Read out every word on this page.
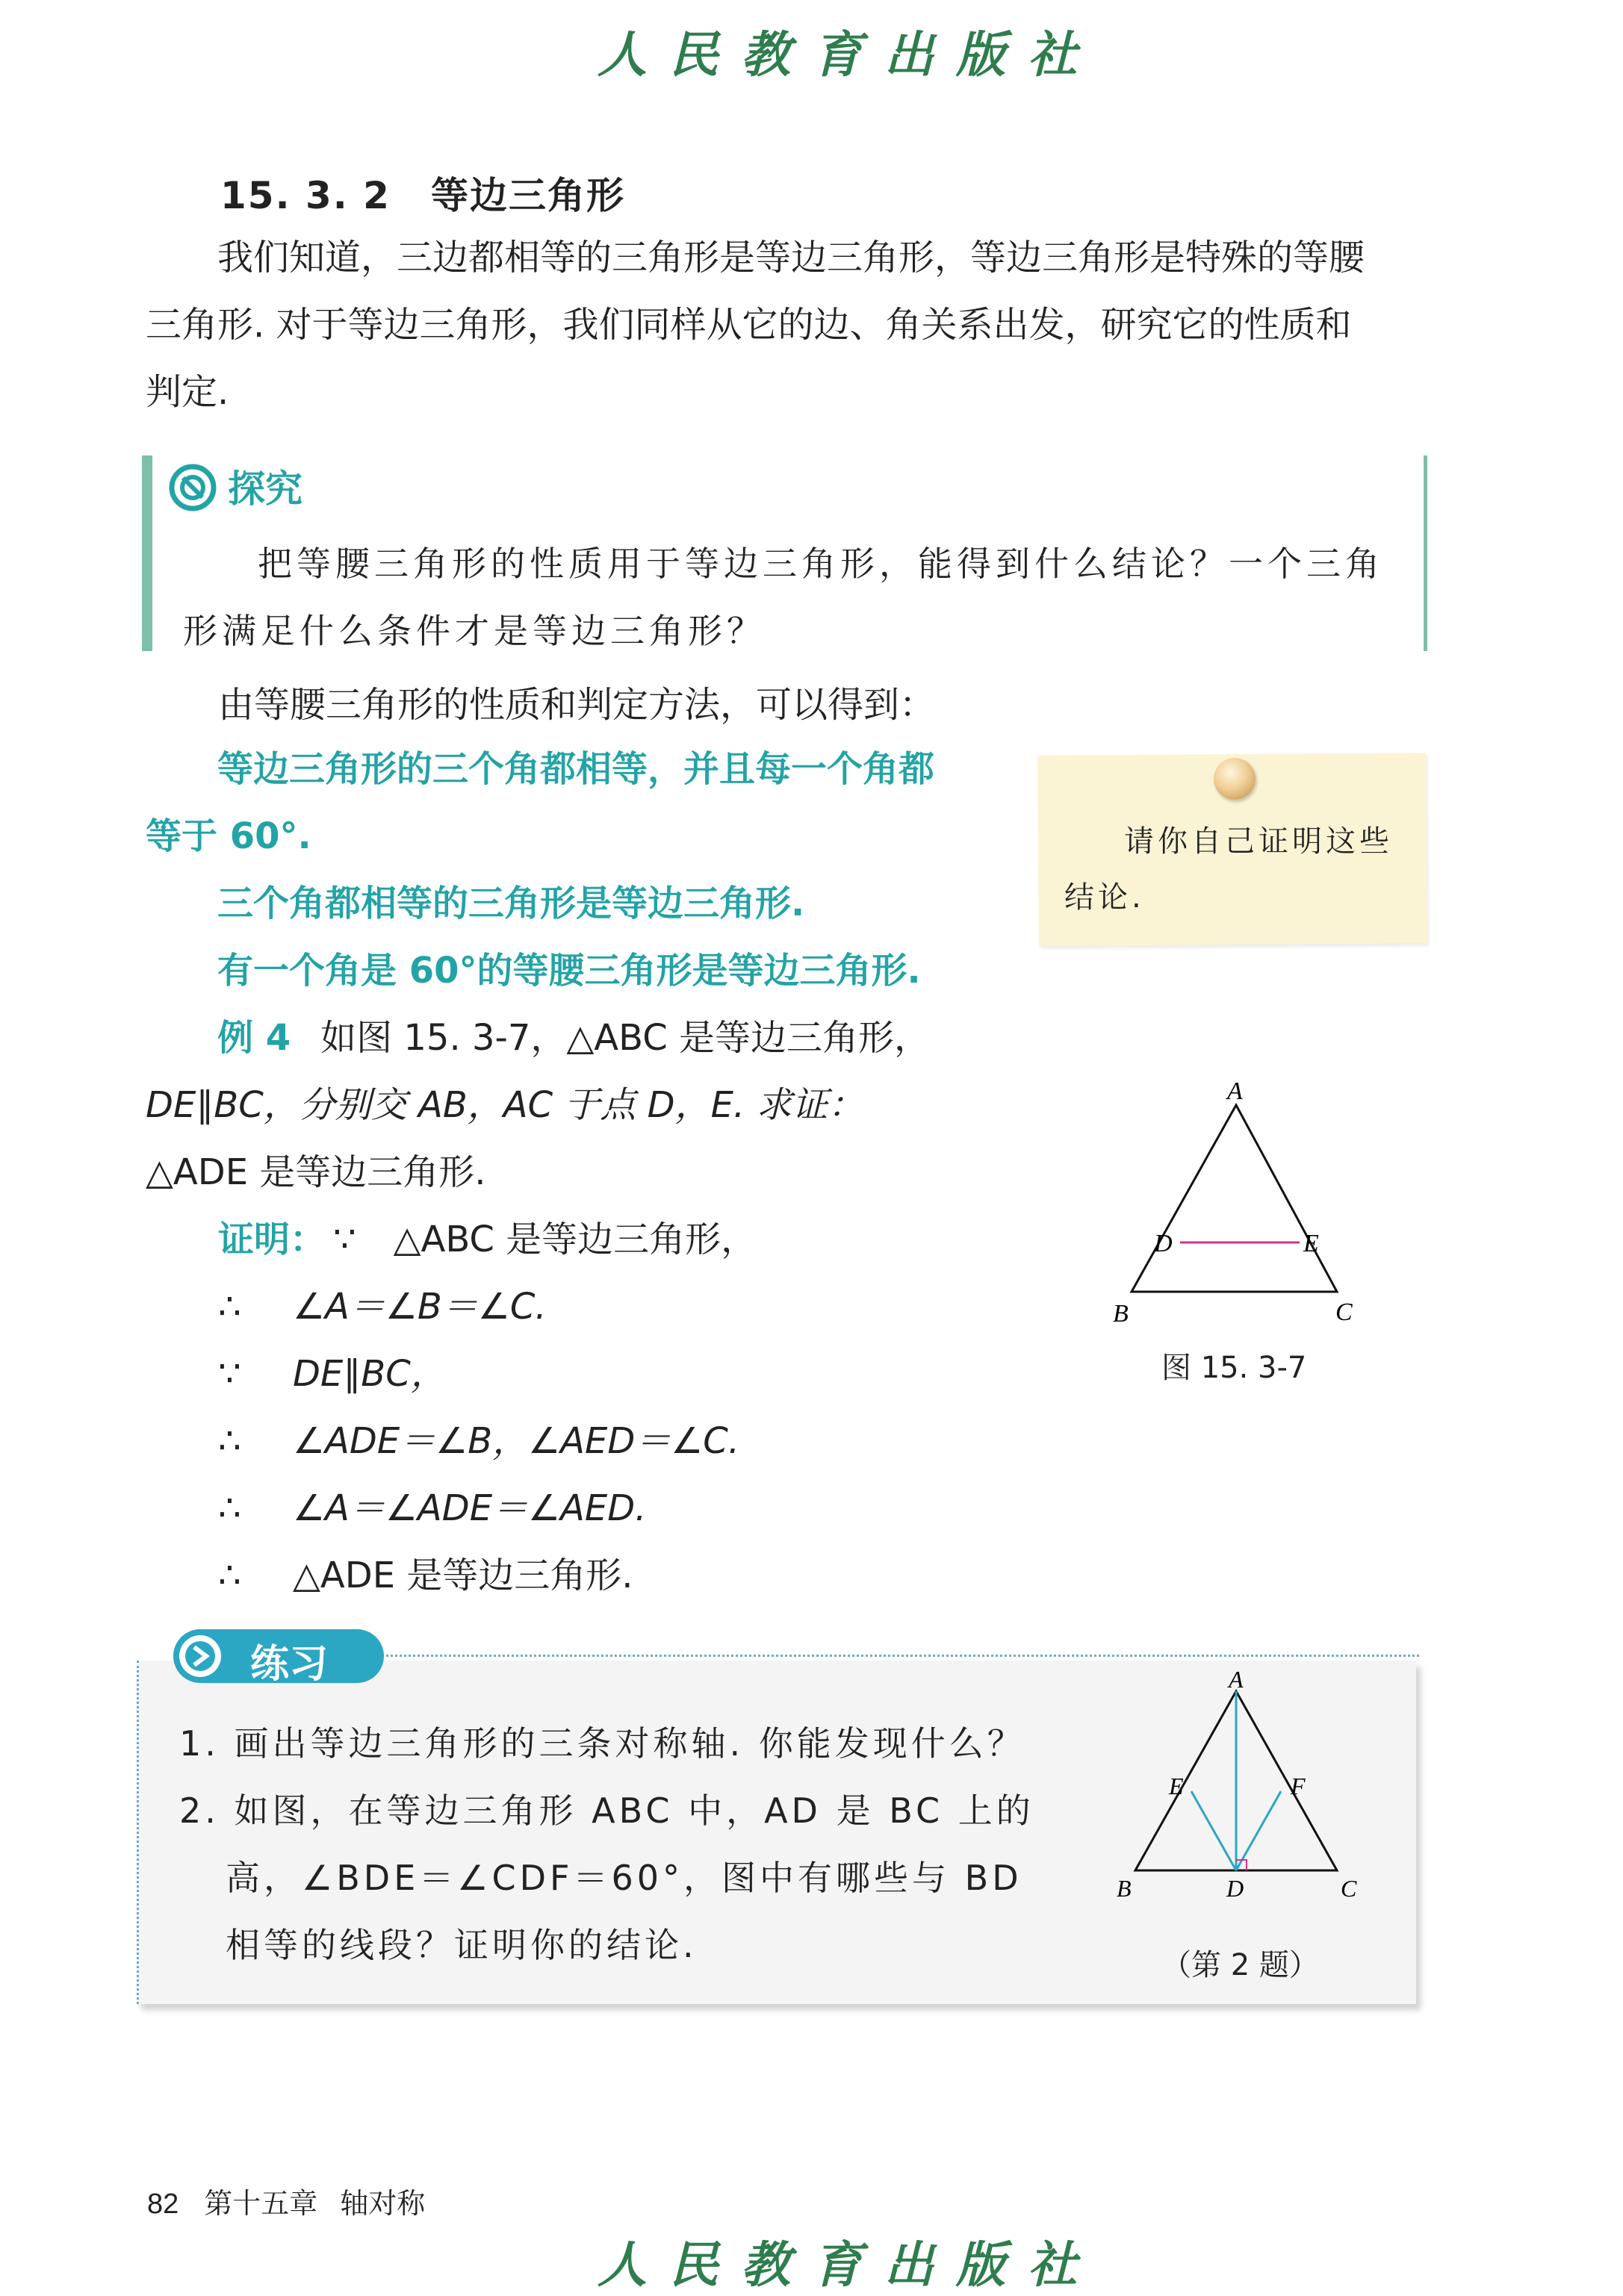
人民教育出版社
15. 3. 2 等边三角形

我们知道，三边都相等的三角形是等边三角形，等边三角形是特殊的等腰

三角形. 对于等边三角形，我们同样从它的边、角关系出发，研究它的性质和

判定.

探究

把等腰三角形的性质用于等边三角形，能得到什么结论？一个三角

形满足什么条件才是等边三角形？

由等腰三角形的性质和判定方法，可以得到：

等边三角形的三个角都相等，并且每一个角都

等于 60°.

三个角都相等的三角形是等边三角形.

有一个角是 60°的等腰三角形是等边三角形.

请你自己证明这些

结论.

例 4 如图 15. 3-7，△ABC 是等边三角形，

DE∥BC，分别交 AB，AC 于点 D，E. 求证：

△ADE 是等边三角形.

证明： ∵ △ABC 是等边三角形，
∴ ∠A＝∠B＝∠C.
∵ DE∥BC，
∴ ∠ADE＝∠B，∠AED＝∠C.
∴ ∠A＝∠ADE＝∠AED.
∴ △ADE 是等边三角形.
A
B	C
D	E
图 15. 3-7
练习

1. 画出等边三角形的三条对称轴. 你能发现什么？

2. 如图，在等边三角形 ABC 中，AD 是 BC 上的

高，∠BDE＝∠CDF＝60°，图中有哪些与 BD

相等的线段？证明你的结论.

A
B	C
D
E	F
（第 2 题）
82 第十五章 轴对称
人民教育出版社
